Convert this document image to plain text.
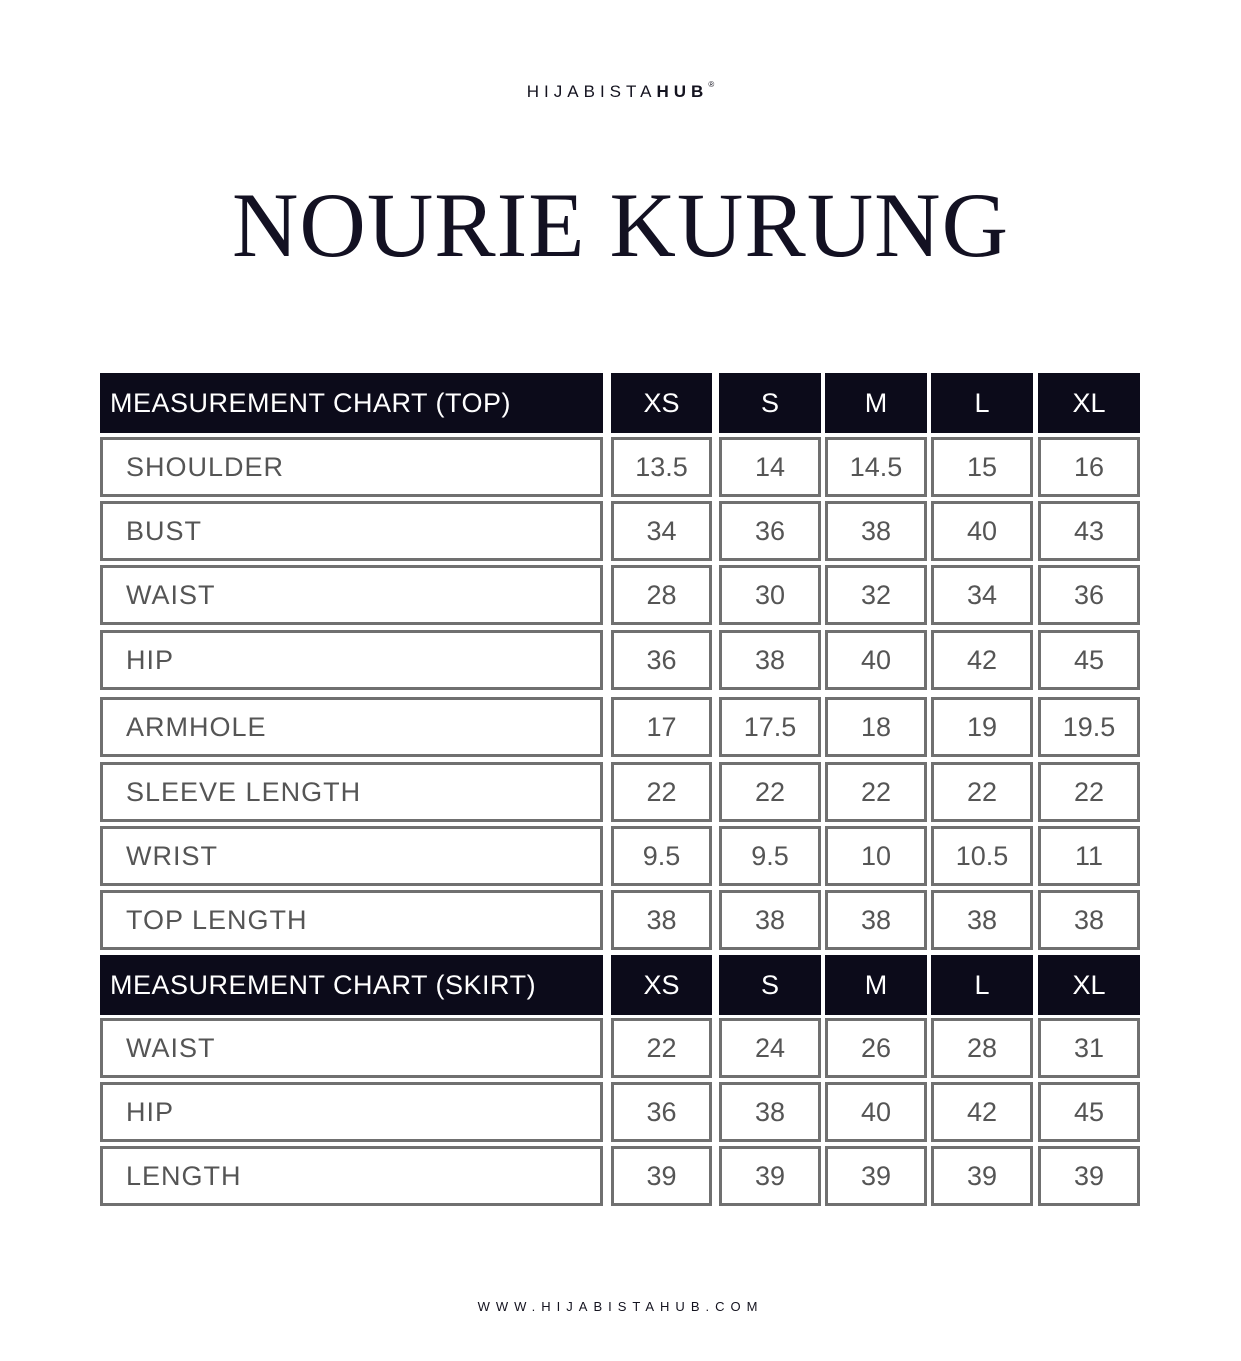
HIJABISTAHUB®
NOURIE KURUNG
MEASUREMENT CHART (TOP)	XS	S	M	L	XL
SHOULDER	13.5	14	14.5	15	16
BUST	34	36	38	40	43
WAIST	28	30	32	34	36
HIP	36	38	40	42	45
ARMHOLE	17	17.5	18	19	19.5
SLEEVE LENGTH	22	22	22	22	22
WRIST	9.5	9.5	10	10.5	11
TOP LENGTH	38	38	38	38	38
MEASUREMENT CHART (SKIRT)	XS	S	M	L	XL
WAIST	22	24	26	28	31
HIP	36	38	40	42	45
LENGTH	39	39	39	39	39
WWW.HIJABISTAHUB.COM
